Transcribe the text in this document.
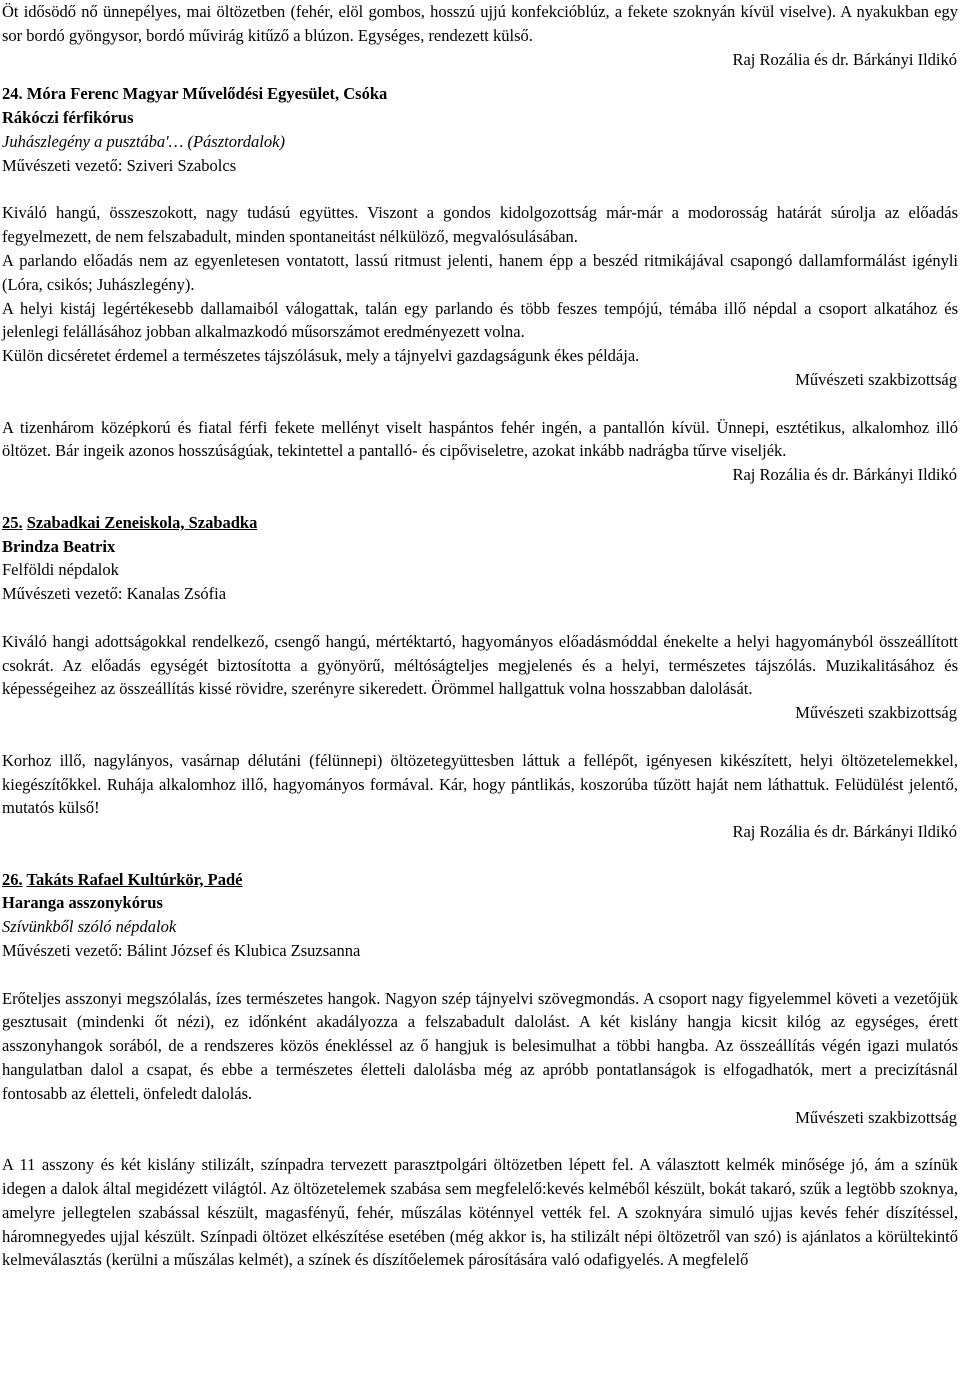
Öt idősödő nő ünnepélyes, mai öltözetben (fehér, elöl gombos, hosszú ujjú konfekcióblúz, a fekete szoknyán kívül viselve). A nyakukban egy sor bordó gyöngysor, bordó művirág kitűző a blúzon. Egységes, rendezett külső.

Raj Rozália és dr. Bárkányi Ildikó

24. Móra Ferenc Magyar Művelődési Egyesület, Csóka

Rákóczi férfikórus

Juhászlegény a pusztába'… (Pásztordalok)

Művészeti vezető: Sziveri Szabolcs

Kiváló hangú, összeszokott, nagy tudású együttes. Viszont a gondos kidolgozottság már-már a modorosság határát súrolja az előadás fegyelmezett, de nem felszabadult, minden spontaneitást nélkülöző, megvalósulásában.

A parlando előadás nem az egyenletesen vontatott, lassú ritmust jelenti, hanem épp a beszéd ritmikájával csapongó dallamformálást igényli (Lóra, csikós; Juhászlegény).

A helyi kistáj legértékesebb dallamaiból válogattak, talán egy parlando és több feszes tempójú, témába illő népdal a csoport alkatához és jelenlegi felállásához jobban alkalmazkodó műsorszámot eredményezett volna.

Külön dicséretet érdemel a természetes tájszólásuk, mely a tájnyelvi gazdagságunk ékes példája.

Művészeti szakbizottság

A tizenhárom középkorú és fiatal férfi fekete mellényt viselt haspántos fehér ingén, a pantallón kívül. Ünnepi, esztétikus, alkalomhoz illó öltözet. Bár ingeik azonos hosszúságúak, tekintettel a pantalló- és cipőviseletre, azokat inkább nadrágba tűrve viseljék.

Raj Rozália és dr. Bárkányi Ildikó

25. Szabadkai Zeneiskola, Szabadka

Brindza Beatrix

Felföldi népdalok

Művészeti vezető: Kanalas Zsófia

Kiváló hangi adottságokkal rendelkező, csengő hangú, mértéktartó, hagyományos előadásmóddal énekelte a helyi hagyományból összeállított csokrát. Az előadás egységét biztosította a gyönyörű, méltóságteljes megjelenés és a helyi, természetes tájszólás. Muzikalitásához és képességeihez az összeállítás kissé rövidre, szerényre sikeredett. Örömmel hallgattuk volna hosszabban dalolását.

Művészeti szakbizottság

Korhoz illő, nagylányos, vasárnap délutáni (félünnepi) öltözetegyüttesben láttuk a fellépőt, igényesen kikészített, helyi öltözetelemekkel, kiegészítőkkel. Ruhája alkalomhoz illő, hagyományos formával. Kár, hogy pántlikás, koszorúba tűzött haját nem láthattuk. Felüdülést jelentő, mutatós külső!

Raj Rozália és dr. Bárkányi Ildikó

26. Takáts Rafael Kultúrkör, Padé

Haranga asszonykórus

Szívünkből szóló népdalok

Művészeti vezető: Bálint József és Klubica Zsuzsanna

Erőteljes asszonyi megszólalás, ízes természetes hangok. Nagyon szép tájnyelvi szövegmondás. A csoport nagy figyelemmel követi a vezetőjük gesztusait (mindenki őt nézi), ez időnként akadályozza a felszabadult dalolást. A két kislány hangja kicsit kilóg az egységes, érett asszonyhangok sorából, de a rendszeres közös énekléssel az ő hangjuk is belesimulhat a többi hangba. Az összeállítás végén igazi mulatós hangulatban dalol a csapat, és ebbe a természetes életteli dalolásba még az apróbb pontatlanságok is elfogadhatók, mert a precizításnál fontosabb az életteli, önfeledt dalolás.

Művészeti szakbizottság

A 11 asszony és két kislány stilizált, színpadra tervezett parasztpolgári öltözetben lépett fel. A választott kelmék minősége jó, ám a színük idegen a dalok által megidézett világtól. Az öltözetelemek szabása sem megfelelő:kevés kelméből készült, bokát takaró, szűk a legtöbb szoknya, amelyre jellegtelen szabással készült, magasfényű, fehér, műszálas köténnyel vették fel. A szoknyára simuló ujjas kevés fehér díszítéssel, háromnegyedes ujjal készült. Színpadi öltözet elkészítése esetében (még akkor is, ha stilizált népi öltözetről van szó) is ajánlatos a körültekintő kelmeválasztás (kerülni a műszálas kelmét), a színek és díszítőelemek párosítására való odafigyelés. A megfelelő
